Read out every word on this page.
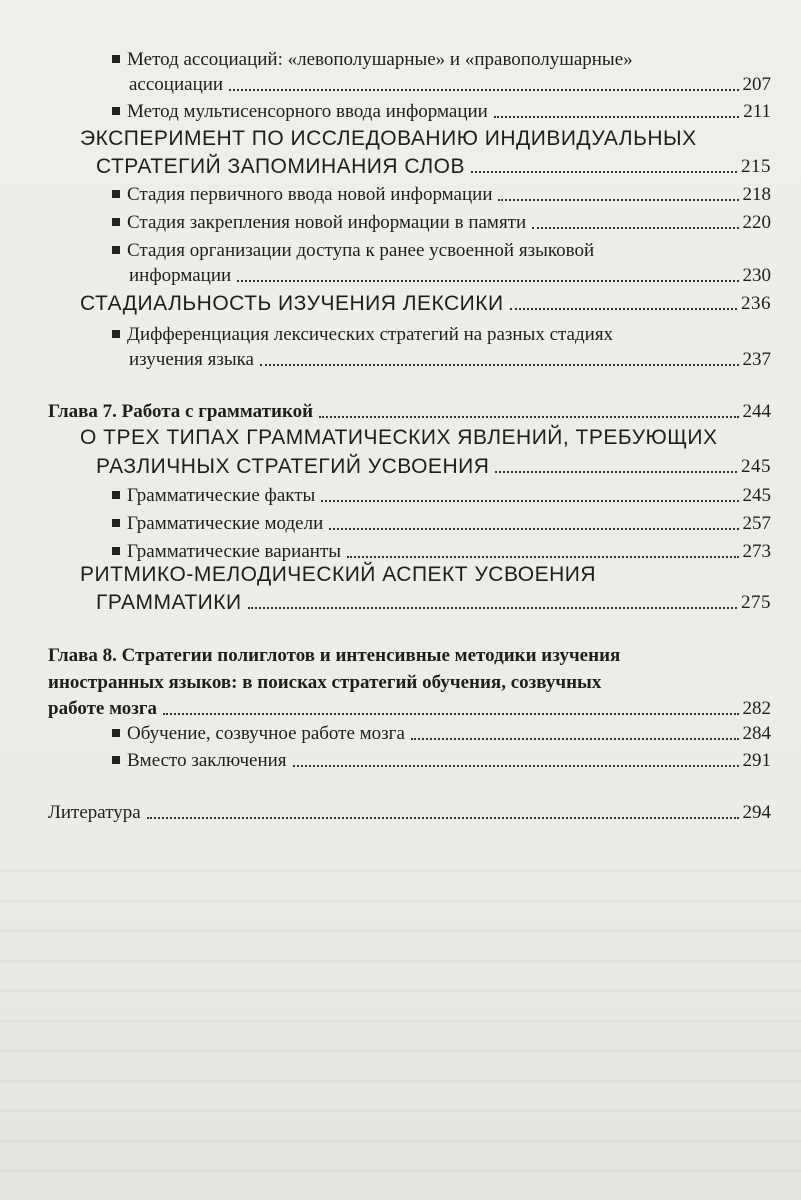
Метод ассоциаций: «левополушарные» и «правополушарные»
ассоциации	207
Метод мультисенсорного ввода информации	211
ЭКСПЕРИМЕНТ ПО ИССЛЕДОВАНИЮ ИНДИВИДУАЛЬНЫХ
СТРАТЕГИЙ ЗАПОМИНАНИЯ СЛОВ	215
Стадия первичного ввода новой информации	218
Стадия закрепления новой информации в памяти	220
Стадия организации доступа к ранее усвоенной языковой
информации	230
СТАДИАЛЬНОСТЬ ИЗУЧЕНИЯ ЛЕКСИКИ	236
Дифференциация лексических стратегий на разных стадиях
изучения языка	237
Глава 7. Работа с грамматикой	244
О ТРЕХ ТИПАХ ГРАММАТИЧЕСКИХ ЯВЛЕНИЙ, ТРЕБУЮЩИХ
РАЗЛИЧНЫХ СТРАТЕГИЙ УСВОЕНИЯ	245
Грамматические факты	245
Грамматические модели	257
Грамматические варианты	273
РИТМИКО-МЕЛОДИЧЕСКИЙ АСПЕКТ УСВОЕНИЯ
ГРАММАТИКИ	275
Глава 8. Стратегии полиглотов и интенсивные методики изучения
иностранных языков: в поисках стратегий обучения, созвучных
работе мозга	282
Обучение, созвучное работе мозга	284
Вместо заключения	291
Литература	294
